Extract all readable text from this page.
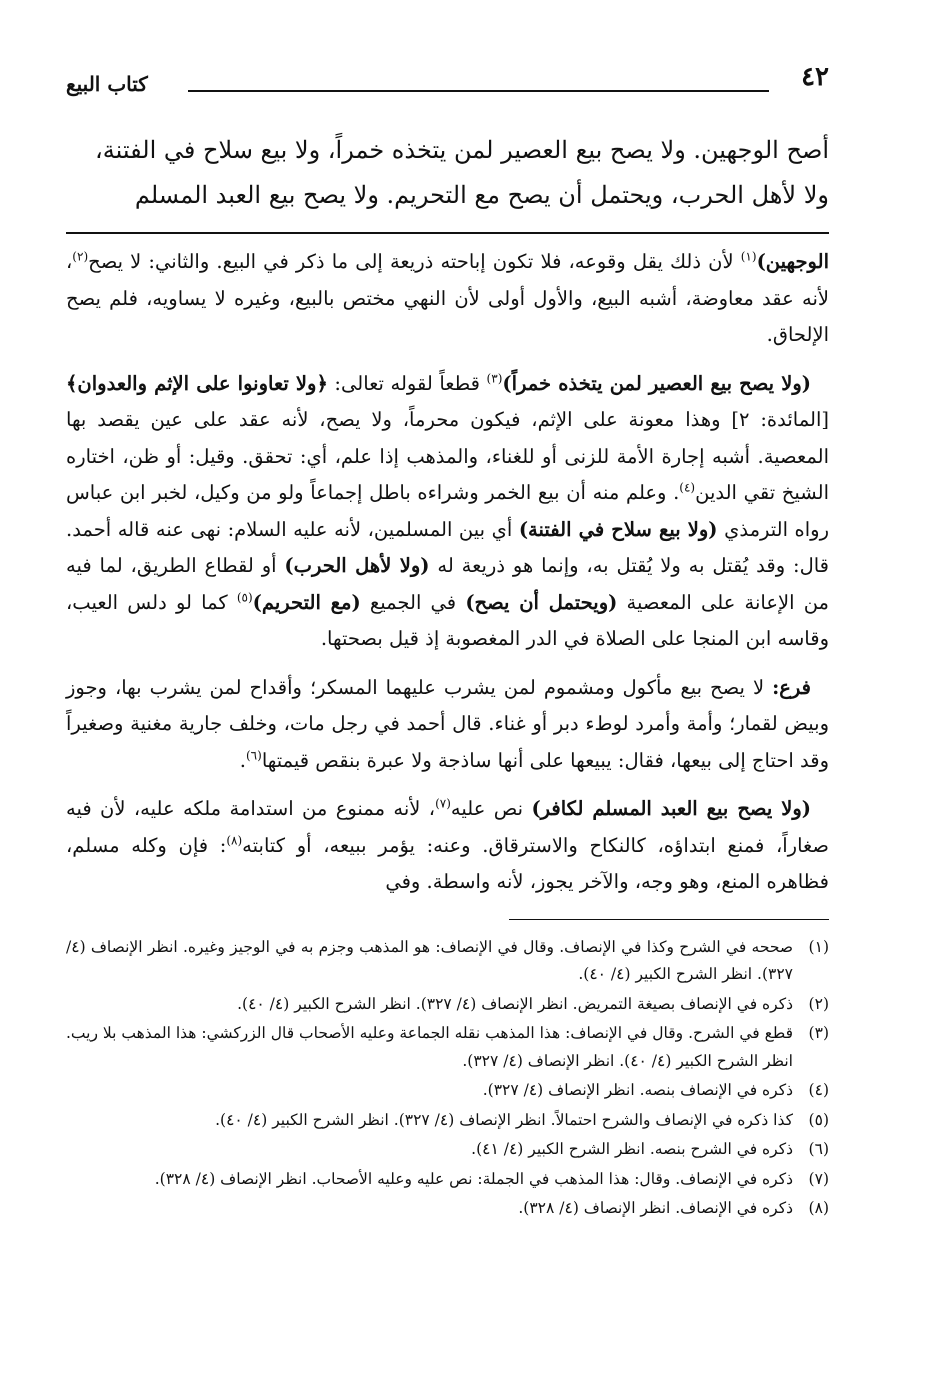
٤٢
كتاب البيع
أصح الوجهين. ولا يصح بيع العصير لمن يتخذه خمراً، ولا بيع سلاح في الفتنة،
ولا لأهل الحرب، ويحتمل أن يصح مع التحريم. ولا يصح بيع العبد المسلم

الوجهين)$^{(١)}$ لأن ذلك يقل وقوعه، فلا تكون إباحته ذريعة إلى ما ذكر في البيع. والثاني: لا يصح$^{(٢)}$، لأنه عقد معاوضة، أشبه البيع، والأول أولى لأن النهي مختص بالبيع، وغيره لا يساويه، فلم يصح الإلحاق.

(ولا يصح بيع العصير لمن يتخذه خمراً)$^{(٣)}$ قطعاً لقوله تعالى: ﴿ولا تعاونوا على الإثم والعدوان﴾ [المائدة: ٢] وهذا معونة على الإثم، فيكون محرماً، ولا يصح، لأنه عقد على عين يقصد بها المعصية. أشبه إجارة الأمة للزنى أو للغناء، والمذهب إذا علم، أي: تحقق. وقيل: أو ظن، اختاره الشيخ تقي الدين$^{(٤)}$. وعلم منه أن بيع الخمر وشراءه باطل إجماعاً ولو من وكيل، لخبر ابن عباس رواه الترمذي (ولا بيع سلاح في الفتنة) أي بين المسلمين، لأنه عليه السلام: نهى عنه قاله أحمد. قال: وقد يُقتل به ولا يُقتل به، وإنما هو ذريعة له (ولا لأهل الحرب) أو لقطاع الطريق، لما فيه من الإعانة على المعصية (ويحتمل أن يصح) في الجميع (مع التحريم)$^{(٥)}$ كما لو دلس العيب، وقاسه ابن المنجا على الصلاة في الدر المغصوبة إذ قيل بصحتها.

فرع: لا يصح بيع مأكول ومشموم لمن يشرب عليهما المسكر؛ وأقداح لمن يشرب بها، وجوز وبيض لقمار؛ وأمة وأمرد لوطء دبر أو غناء. قال أحمد في رجل مات، وخلف جارية مغنية وصغيراً وقد احتاج إلى بيعها، فقال: يبيعها على أنها ساذجة ولا عبرة بنقص قيمتها$^{(٦)}$.

(ولا يصح بيع العبد المسلم لكافر) نص عليه$^{(٧)}$، لأنه ممنوع من استدامة ملكه عليه، لأن فيه صغاراً، فمنع ابتداؤه، كالنكاح والاسترقاق. وعنه: يؤمر ببيعه، أو كتابته$^{(٨)}$: فإن وكله مسلم، فظاهره المنع، وهو وجه، والآخر يجوز، لأنه واسطة. وفي

(١)
صححه في الشرح وكذا في الإنصاف. وقال في الإنصاف: هو المذهب وجزم به في الوجيز وغيره. انظر الإنصاف (٤/ ٣٢٧). انظر الشرح الكبير (٤/ ٤٠).
(٢)
ذكره في الإنصاف بصيغة التمريض. انظر الإنصاف (٤/ ٣٢٧). انظر الشرح الكبير (٤/ ٤٠).
(٣)
قطع في الشرح. وقال في الإنصاف: هذا المذهب نقله الجماعة وعليه الأصحاب قال الزركشي: هذا المذهب بلا ريب. انظر الشرح الكبير (٤/ ٤٠). انظر الإنصاف (٤/ ٣٢٧).
(٤)
ذكره في الإنصاف بنصه. انظر الإنصاف (٤/ ٣٢٧).
(٥)
كذا ذكره في الإنصاف والشرح احتمالاً. انظر الإنصاف (٤/ ٣٢٧). انظر الشرح الكبير (٤/ ٤٠).
(٦)
ذكره في الشرح بنصه. انظر الشرح الكبير (٤/ ٤١).
(٧)
ذكره في الإنصاف. وقال: هذا المذهب في الجملة: نص عليه وعليه الأصحاب. انظر الإنصاف (٤/ ٣٢٨).
(٨)
ذكره في الإنصاف. انظر الإنصاف (٤/ ٣٢٨).
